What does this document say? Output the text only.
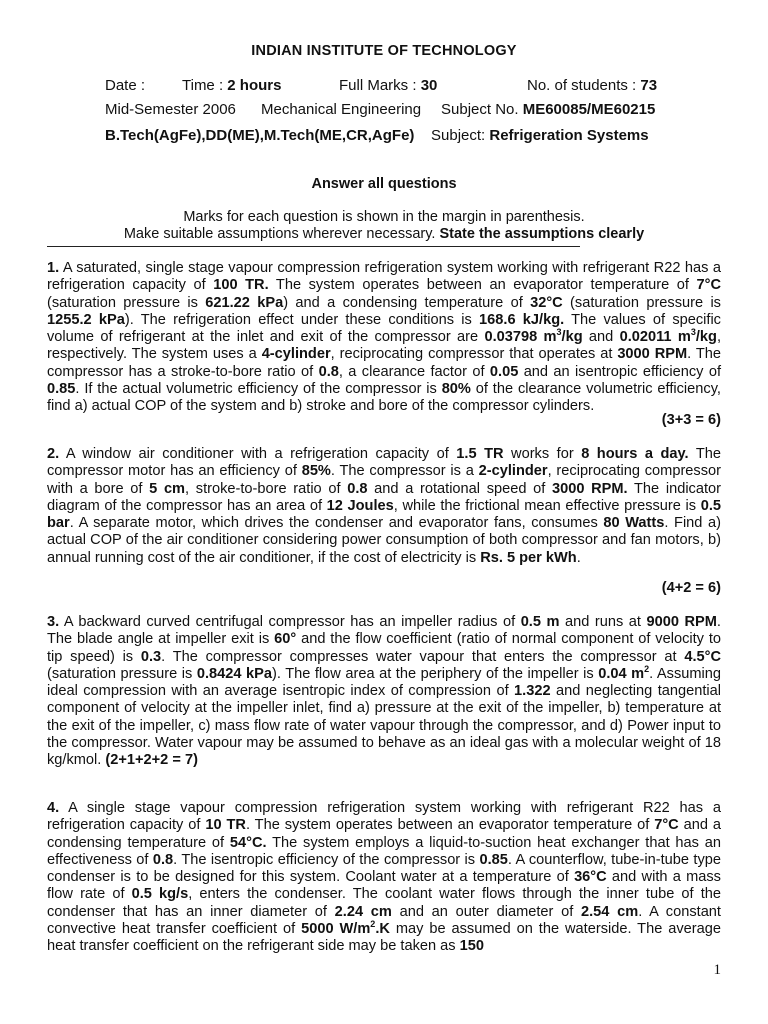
INDIAN INSTITUTE OF TECHNOLOGY
Date : Time : 2 hours	Full Marks : 30	No. of students : 73
Mid-Semester 2006 Mechanical Engineering Subject No. ME60085/ME60215
B.Tech(AgFe),DD(ME),M.Tech(ME,CR,AgFe) Subject: Refrigeration Systems
Answer all questions
Marks for each question is shown in the margin in parenthesis.
Make suitable assumptions wherever necessary. State the assumptions clearly
1. A saturated, single stage vapour compression refrigeration system working with refrigerant R22 has a refrigeration capacity of 100 TR. The system operates between an evaporator temperature of 7°C (saturation pressure is 621.22 kPa) and a condensing temperature of 32°C (saturation pressure is 1255.2 kPa). The refrigeration effect under these conditions is 168.6 kJ/kg. The values of specific volume of refrigerant at the inlet and exit of the compressor are 0.03798 $m^3/kg$ and 0.02011 $m^3/kg$, respectively. The system uses a 4-cylinder, reciprocating compressor that operates at 3000 RPM. The compressor has a stroke-to-bore ratio of 0.8, a clearance factor of 0.05 and an isentropic efficiency of 0.85. If the actual volumetric efficiency of the compressor is 80% of the clearance volumetric efficiency, find a) actual COP of the system and b) stroke and bore of the compressor cylinders.
(3+3 = 6)
2. A window air conditioner with a refrigeration capacity of 1.5 TR works for 8 hours a day. The compressor motor has an efficiency of 85%. The compressor is a 2-cylinder, reciprocating compressor with a bore of 5 cm, stroke-to-bore ratio of 0.8 and a rotational speed of 3000 RPM. The indicator diagram of the compressor has an area of 12 Joules, while the frictional mean effective pressure is 0.5 bar. A separate motor, which drives the condenser and evaporator fans, consumes 80 Watts. Find a) actual COP of the air conditioner considering power consumption of both compressor and fan motors, b) annual running cost of the air conditioner, if the cost of electricity is Rs. 5 per kWh.
(4+2 = 6)
3. A backward curved centrifugal compressor has an impeller radius of 0.5 m and runs at 9000 RPM. The blade angle at impeller exit is 60° and the flow coefficient (ratio of normal component of velocity to tip speed) is 0.3. The compressor compresses water vapour that enters the compressor at 4.5°C (saturation pressure is 0.8424 kPa). The flow area at the periphery of the impeller is 0.04 $m^2$. Assuming ideal compression with an average isentropic index of compression of 1.322 and neglecting tangential component of velocity at the impeller inlet, find a) pressure at the exit of the impeller, b) temperature at the exit of the impeller, c) mass flow rate of water vapour through the compressor, and d) Power input to the compressor. Water vapour may be assumed to behave as an ideal gas with a molecular weight of 18 kg/kmol. (2+1+2+2 = 7)
4. A single stage vapour compression refrigeration system working with refrigerant R22 has a refrigeration capacity of 10 TR. The system operates between an evaporator temperature of 7°C and a condensing temperature of 54°C. The system employs a liquid-to-suction heat exchanger that has an effectiveness of 0.8. The isentropic efficiency of the compressor is 0.85. A counterflow, tube-in-tube type condenser is to be designed for this system. Coolant water at a temperature of 36°C and with a mass flow rate of 0.5 kg/s, enters the condenser. The coolant water flows through the inner tube of the condenser that has an inner diameter of 2.24 cm and an outer diameter of 2.54 cm. A constant convective heat transfer coefficient of 5000 $W/m^2.K$ may be assumed on the waterside. The average heat transfer coefficient on the refrigerant side may be taken as 150
1
